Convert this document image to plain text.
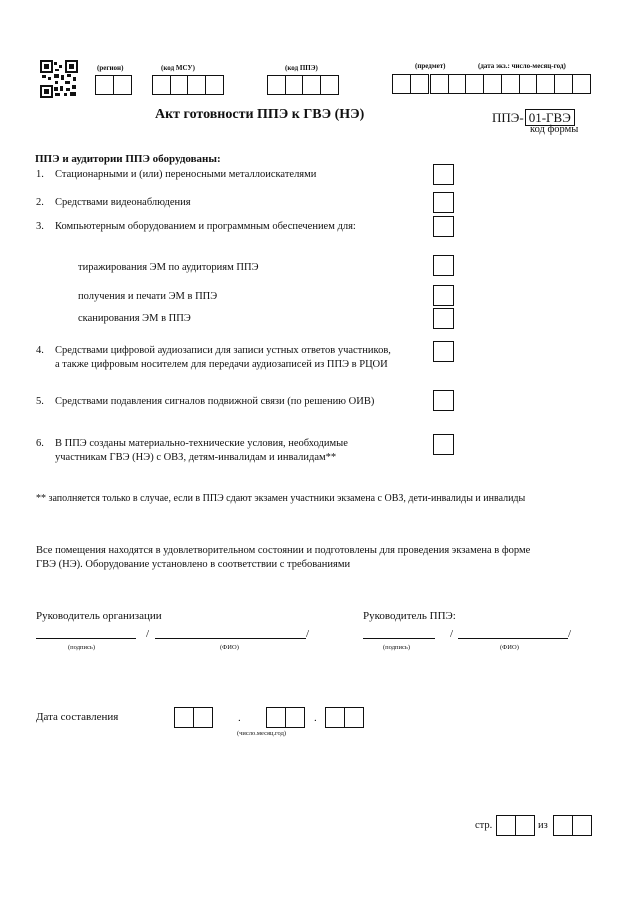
(регион)	(код МСУ)	(код ППЭ)	(предмет)	(дата экз.: число-месяц-год)
Акт готовности ППЭ к ГВЭ (НЭ)	ППЭ- 01-ГВЭ
код формы
ППЭ и аудитории ППЭ оборудованы:
1. Стационарными и (или) переносными металлоискателями
2. Средствами видеонаблюдения
3. Компьютерным оборудованием и программным обеспечением для:
тиражирования ЭМ по аудиториям ППЭ
получения и печати ЭМ в ППЭ
сканирования ЭМ в ППЭ
4. Средствами цифровой аудиозаписи для записи устных ответов участников,
а также цифровым носителем для передачи аудиозаписей из ППЭ в РЦОИ
5. Средствами подавления сигналов подвижной связи (по решению ОИВ)
6. В ППЭ созданы материально-технические условия, необходимые
участникам ГВЭ (НЭ) с ОВЗ, детям-инвалидам и инвалидам**
** заполняется только в случае, если в ППЭ сдают экзамен участники экзамена с ОВЗ, дети-инвалиды и инвалиды
Все помещения находятся в удовлетворительном состоянии и подготовлены для проведения экзамена в форме
ГВЭ (НЭ). Оборудование установлено в соответствии с требованиями
Руководитель организации	Руководитель ППЭ:
/	/
(подпись)	(ФИО)
/	/
(подпись)	(ФИО)
Дата составления	.	.
(число.месяц.год)
стр.	из
